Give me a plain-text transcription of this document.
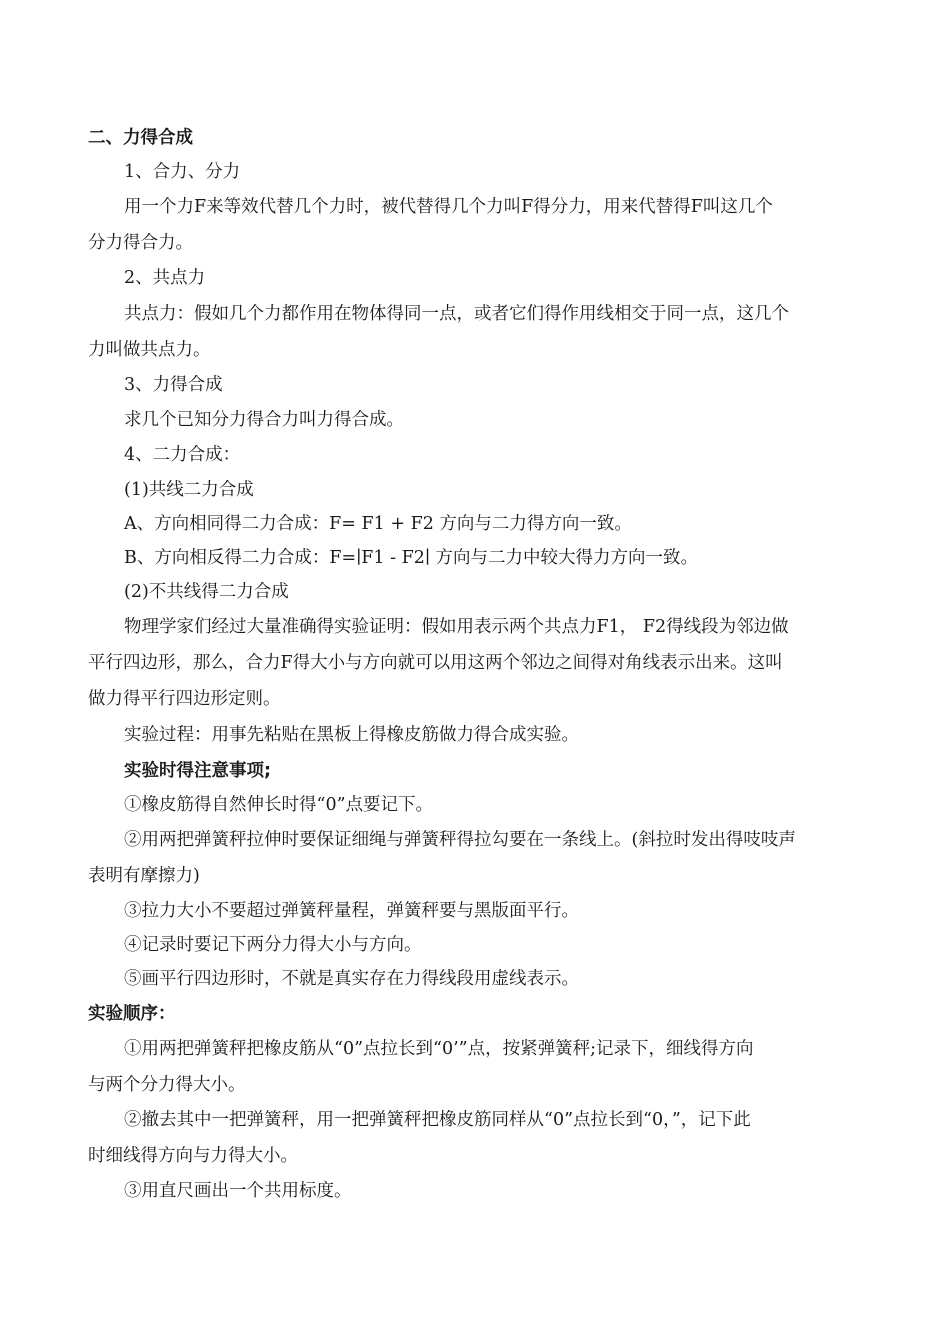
二、力得合成
1、合力、分力
用一个力F来等效代替几个力时，被代替得几个力叫F得分力，用来代替得F叫这几个
分力得合力。
2、共点力
共点力：假如几个力都作用在物体得同一点，或者它们得作用线相交于同一点，这几个
力叫做共点力。
3、力得合成
求几个已知分力得合力叫力得合成。
4、二力合成：
(1)共线二力合成
A、方向相同得二力合成：F= F1 + F2 方向与二力得方向一致。
B、方向相反得二力合成：F=∣F1 - F2∣ 方向与二力中较大得力方向一致。
(2)不共线得二力合成
物理学家们经过大量准确得实验证明：假如用表示两个共点力F1， F2得线段为邻边做
平行四边形，那么，合力F得大小与方向就可以用这两个邻边之间得对角线表示出来。这叫
做力得平行四边形定则。
实验过程：用事先粘贴在黑板上得橡皮筋做力得合成实验。
实验时得注意事项;
①橡皮筋得自然伸长时得“0”点要记下。
②用两把弹簧秤拉伸时要保证细绳与弹簧秤得拉勾要在一条线上。(斜拉时发出得吱吱声
表明有摩擦力)
③拉力大小不要超过弹簧秤量程，弹簧秤要与黑版面平行。
④记录时要记下两分力得大小与方向。
⑤画平行四边形时，不就是真实存在力得线段用虚线表示。
实验顺序：
①用两把弹簧秤把橡皮筋从“0”点拉长到“0’”点，按紧弹簧秤;记录下，细线得方向
与两个分力得大小。
②撤去其中一把弹簧秤，用一把弹簧秤把橡皮筋同样从“0”点拉长到“0，”，记下此
时细线得方向与力得大小。
③用直尺画出一个共用标度。
